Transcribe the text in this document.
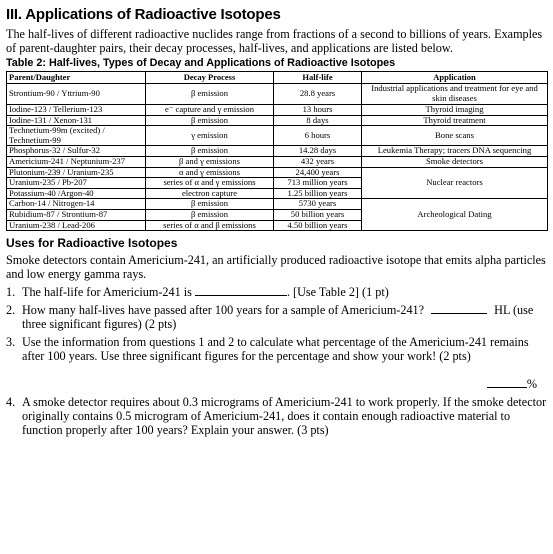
III. Applications of Radioactive Isotopes

The half-lives of different radioactive nuclides range from fractions of a second to billions of years. Examples of parent-daughter pairs, their decay processes, half-lives, and applications are listed below.

Table 2: Half-lives, Types of Decay and Applications of Radioactive Isotopes
Parent/Daughter	Decay Process	Half-life	Application
Strontium-90 / Yttrium-90	β emission	28.8 years	Industrial applications and treatment for eye and skin diseases
Iodine-123 / Tellerium-123	e⁻ capture and γ emission	13 hours	Thyroid imaging
Iodine-131 / Xenon-131	β emission	8 days	Thyroid treatment
Technetium-99m (excited) / Technetium-99	γ emission	6 hours	Bone scans
Phosphorus-32 / Sulfur-32	β emission	14.28 days	Leukemia Therapy; tracers DNA sequencing
Americium-241 / Neptunium-237	β and γ emissions	432 years	Smoke detectors
Plutonium-239 / Uranium-235	α and γ emissions	24,400 years	Nuclear reactors
Uranium-235 / Pb-207	series of α and γ emissions	713 million years	
Potassium-40 /Argon-40	electron capture	1.25 billion years	
Carbon-14 / Nitrogen-14	β emission	5730 years	Archeological Dating
Rubidium-87 / Strontium-87	β emission	50 billion years	
Uranium-238 / Lead-206	series of α and β emissions	4.50 billion years	
Uses for Radioactive Isotopes

Smoke detectors contain Americium-241, an artificially produced radioactive isotope that emits alpha particles and low energy gamma rays.

1. The half-life for Americium-241 is	. [Use Table 2] (1 pt)
2. How many half-lives have passed after 100 years for a sample of Americium-241?	HL (use three significant figures) (2 pts)
3. Use the information from questions 1 and 2 to calculate what percentage of the Americium-241 remains after 100 years. Use three significant figures for the percentage and show your work! (2 pts)
%
4. A smoke detector requires about 0.3 micrograms of Americium-241 to work properly. If the smoke detector originally contains 0.5 microgram of Americium-241, does it contain enough radioactive material to function properly after 100 years? Explain your answer. (3 pts)
